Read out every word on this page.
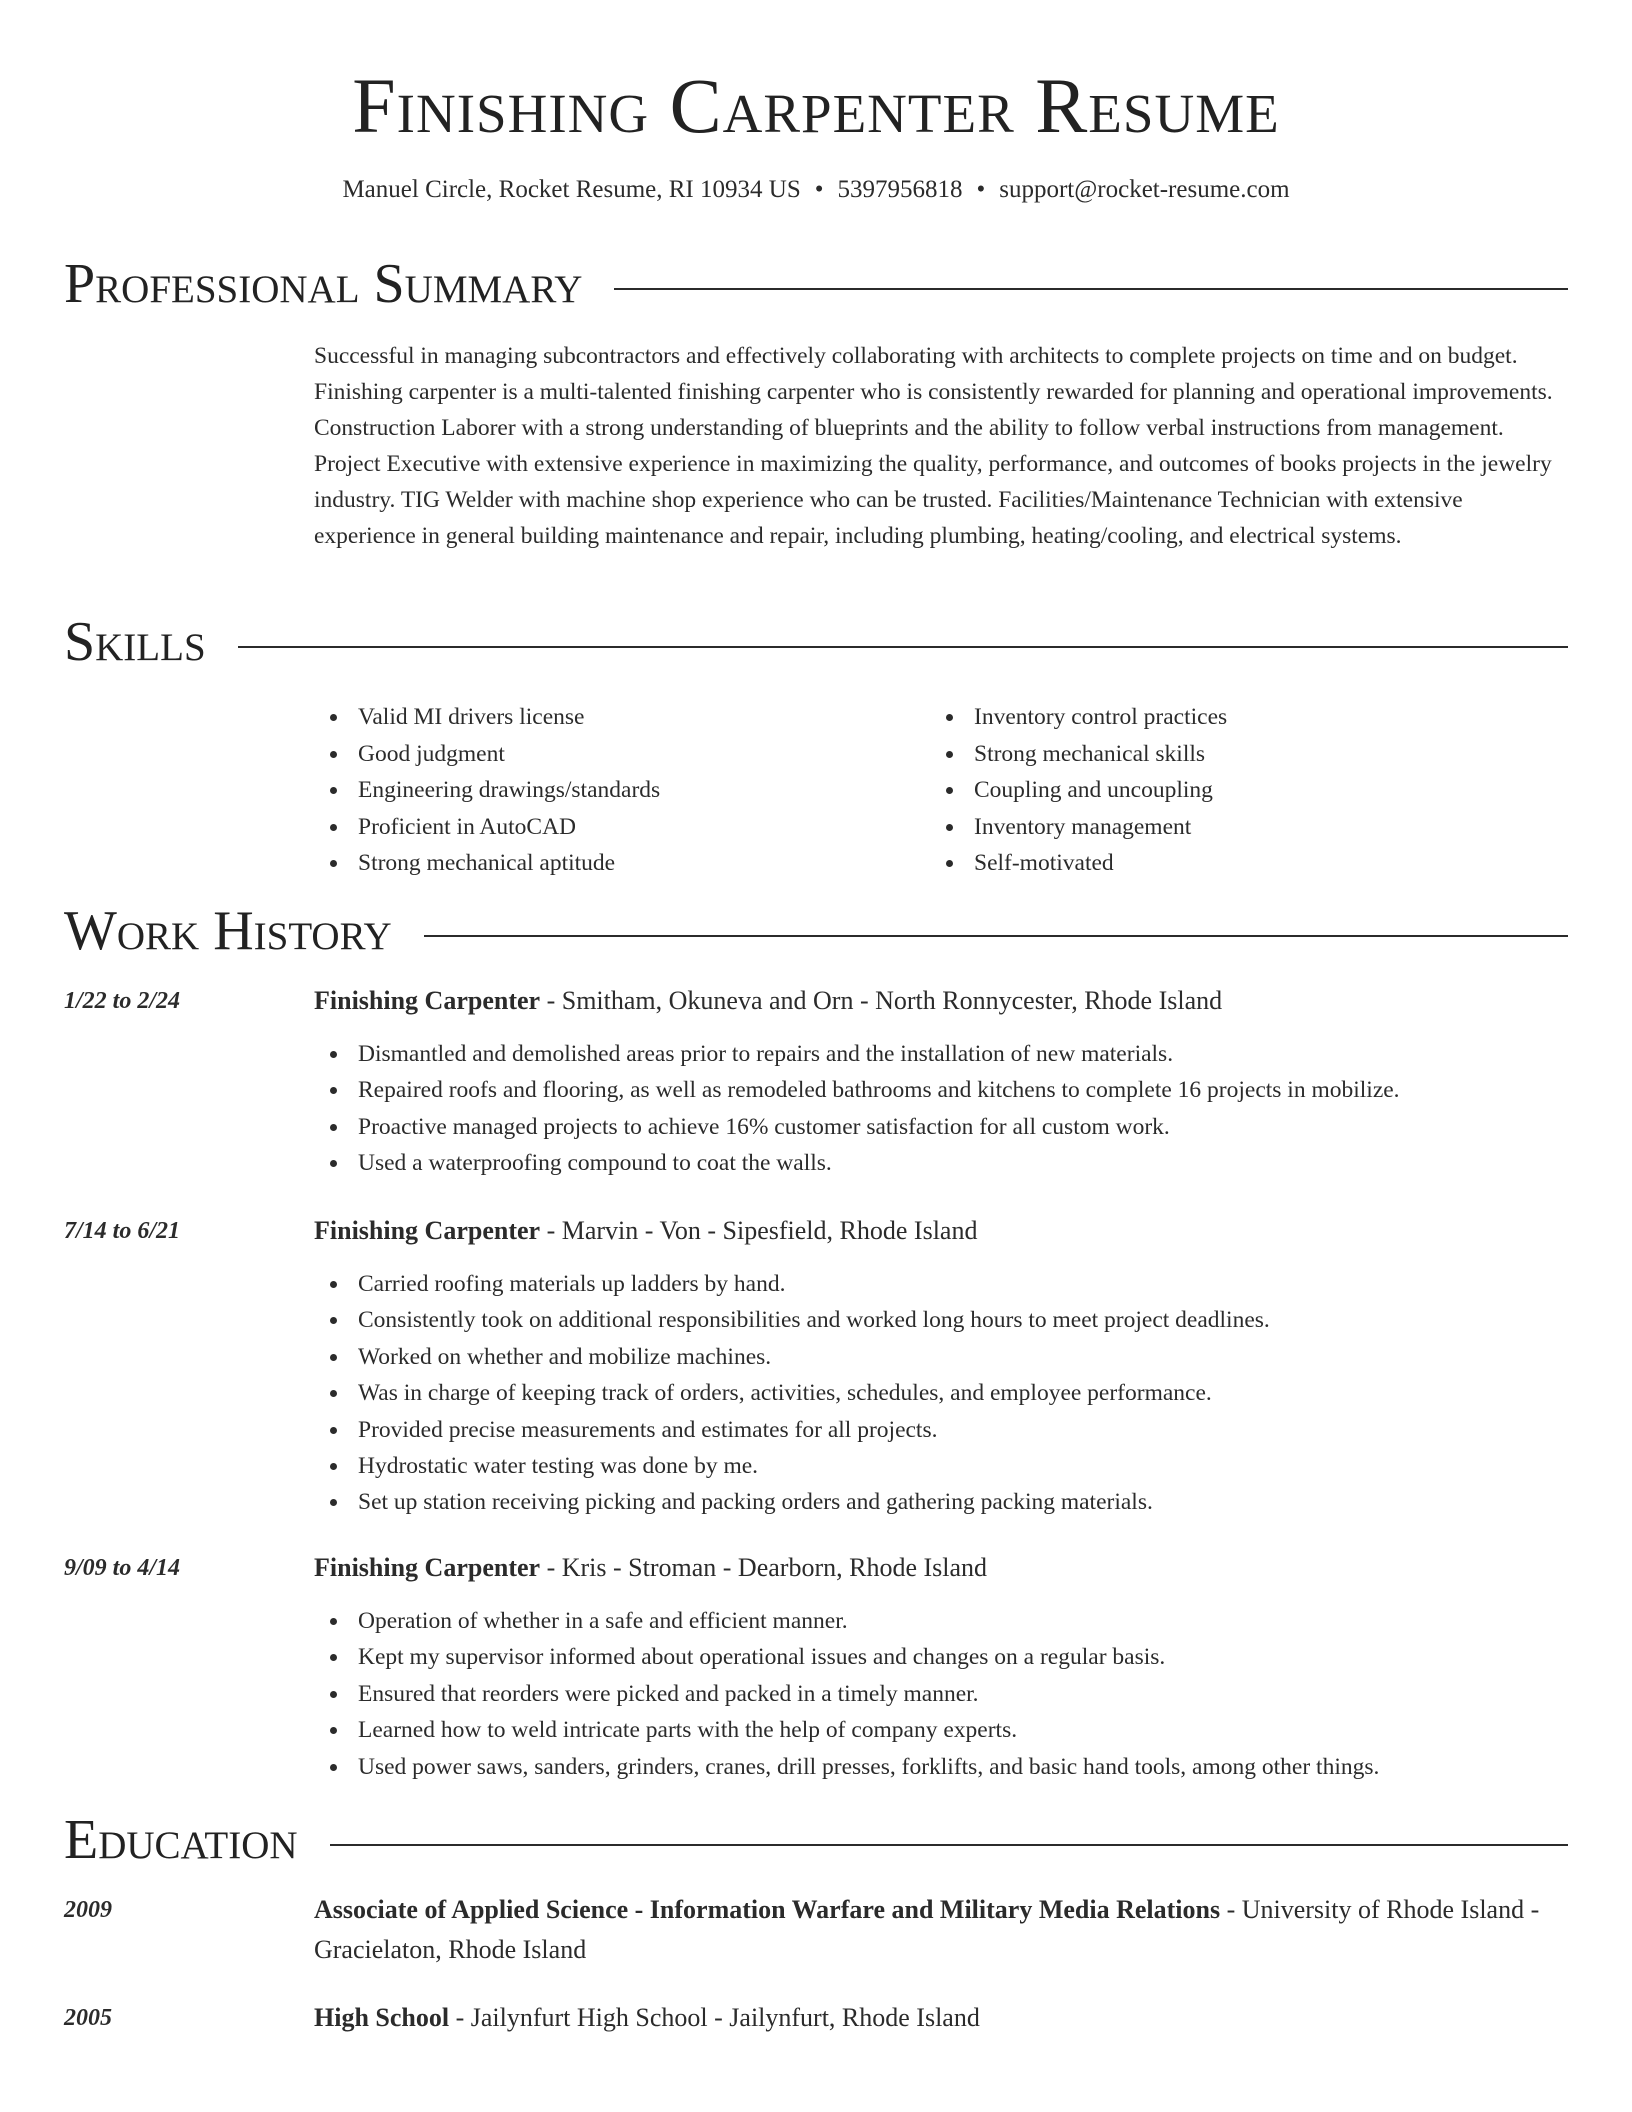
Finishing Carpenter Resume
Manuel Circle, Rocket Resume, RI 10934 US • 5397956818 • support@rocket-resume.com
Professional Summary

Successful in managing subcontractors and effectively collaborating with architects to complete projects on time and on budget. Finishing carpenter is a multi-talented finishing carpenter who is consistently rewarded for planning and operational improvements. Construction Laborer with a strong understanding of blueprints and the ability to follow verbal instructions from management. Project Executive with extensive experience in maximizing the quality, performance, and outcomes of books projects in the jewelry industry. TIG Welder with machine shop experience who can be trusted. Facilities/Maintenance Technician with extensive experience in general building maintenance and repair, including plumbing, heating/cooling, and electrical systems.

Skills
Valid MI drivers license
Good judgment
Engineering drawings/standards
Proficient in AutoCAD
Strong mechanical aptitude
Inventory control practices
Strong mechanical skills
Coupling and uncoupling
Inventory management
Self-motivated
Work History
1/22 to 2/24	Finishing Carpenter - Smitham, Okuneva and Orn - North Ronnycester, Rhode Island
Dismantled and demolished areas prior to repairs and the installation of new materials.
Repaired roofs and flooring, as well as remodeled bathrooms and kitchens to complete 16 projects in mobilize.
Proactive managed projects to achieve 16% customer satisfaction for all custom work.
Used a waterproofing compound to coat the walls.
7/14 to 6/21	Finishing Carpenter - Marvin - Von - Sipesfield, Rhode Island
Carried roofing materials up ladders by hand.
Consistently took on additional responsibilities and worked long hours to meet project deadlines.
Worked on whether and mobilize machines.
Was in charge of keeping track of orders, activities, schedules, and employee performance.
Provided precise measurements and estimates for all projects.
Hydrostatic water testing was done by me.
Set up station receiving picking and packing orders and gathering packing materials.
9/09 to 4/14	Finishing Carpenter - Kris - Stroman - Dearborn, Rhode Island
Operation of whether in a safe and efficient manner.
Kept my supervisor informed about operational issues and changes on a regular basis.
Ensured that reorders were picked and packed in a timely manner.
Learned how to weld intricate parts with the help of company experts.
Used power saws, sanders, grinders, cranes, drill presses, forklifts, and basic hand tools, among other things.
Education
2009	Associate of Applied Science - Information Warfare and Military Media Relations - University of Rhode Island - Gracielaton, Rhode Island
2005	High School - Jailynfurt High School - Jailynfurt, Rhode Island
